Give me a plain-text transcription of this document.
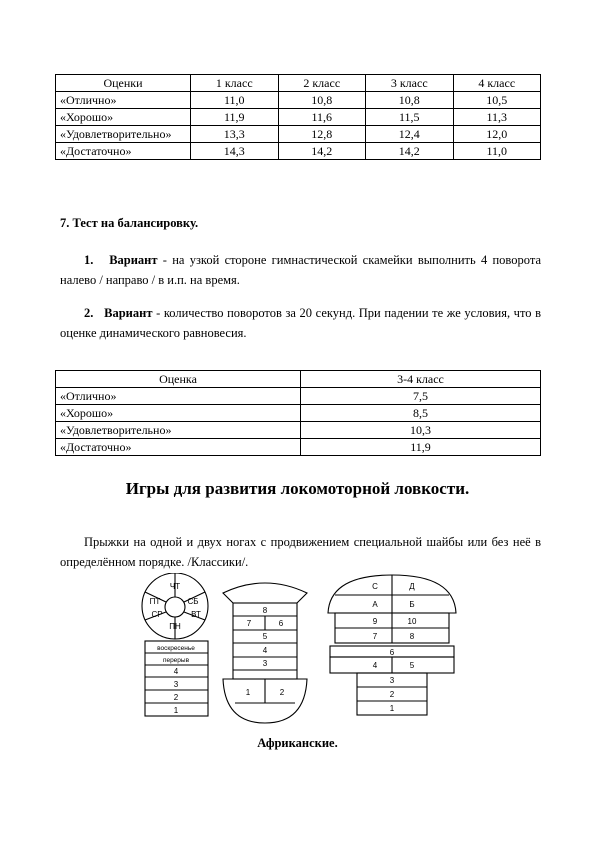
Оценки	1 класс	2 класс	3 класс	4 класс
«Отлично»	11,0	10,8	10,8	10,5
«Хорошо»	11,9	11,6	11,5	11,3
«Удовлетворительно»	13,3	12,8	12,4	12,0
«Достаточно»	14,3	14,2	14,2	11,0

7. Тест на балансировку.

1. Вариант - на узкой стороне гимнастической скамейки выполнить 4 поворота налево / направо / в и.п. на время.

2. Вариант - количество поворотов за 20 секунд. При падении те же условия, что в оценке динамического равновесия.

Оценка	3-4 класс
«Отлично»	7,5
«Хорошо»	8,5
«Удовлетворительно»	10,3
«Достаточно»	11,9

Игры для развития локомоторной ловкости.

Прыжки на одной и двух ногах с продвижением специальной шайбы или без неё в определённом порядке. /Классики/.

ЧТ
ПТ
СР	ВТ
ПН
СБ
воскресенье
перерыв
4
3
2
1
8
7	6
5
4
3
1	2
С	Д
А	Б
9	10
7	8
6
4	5
3
2
1

Африканские.
